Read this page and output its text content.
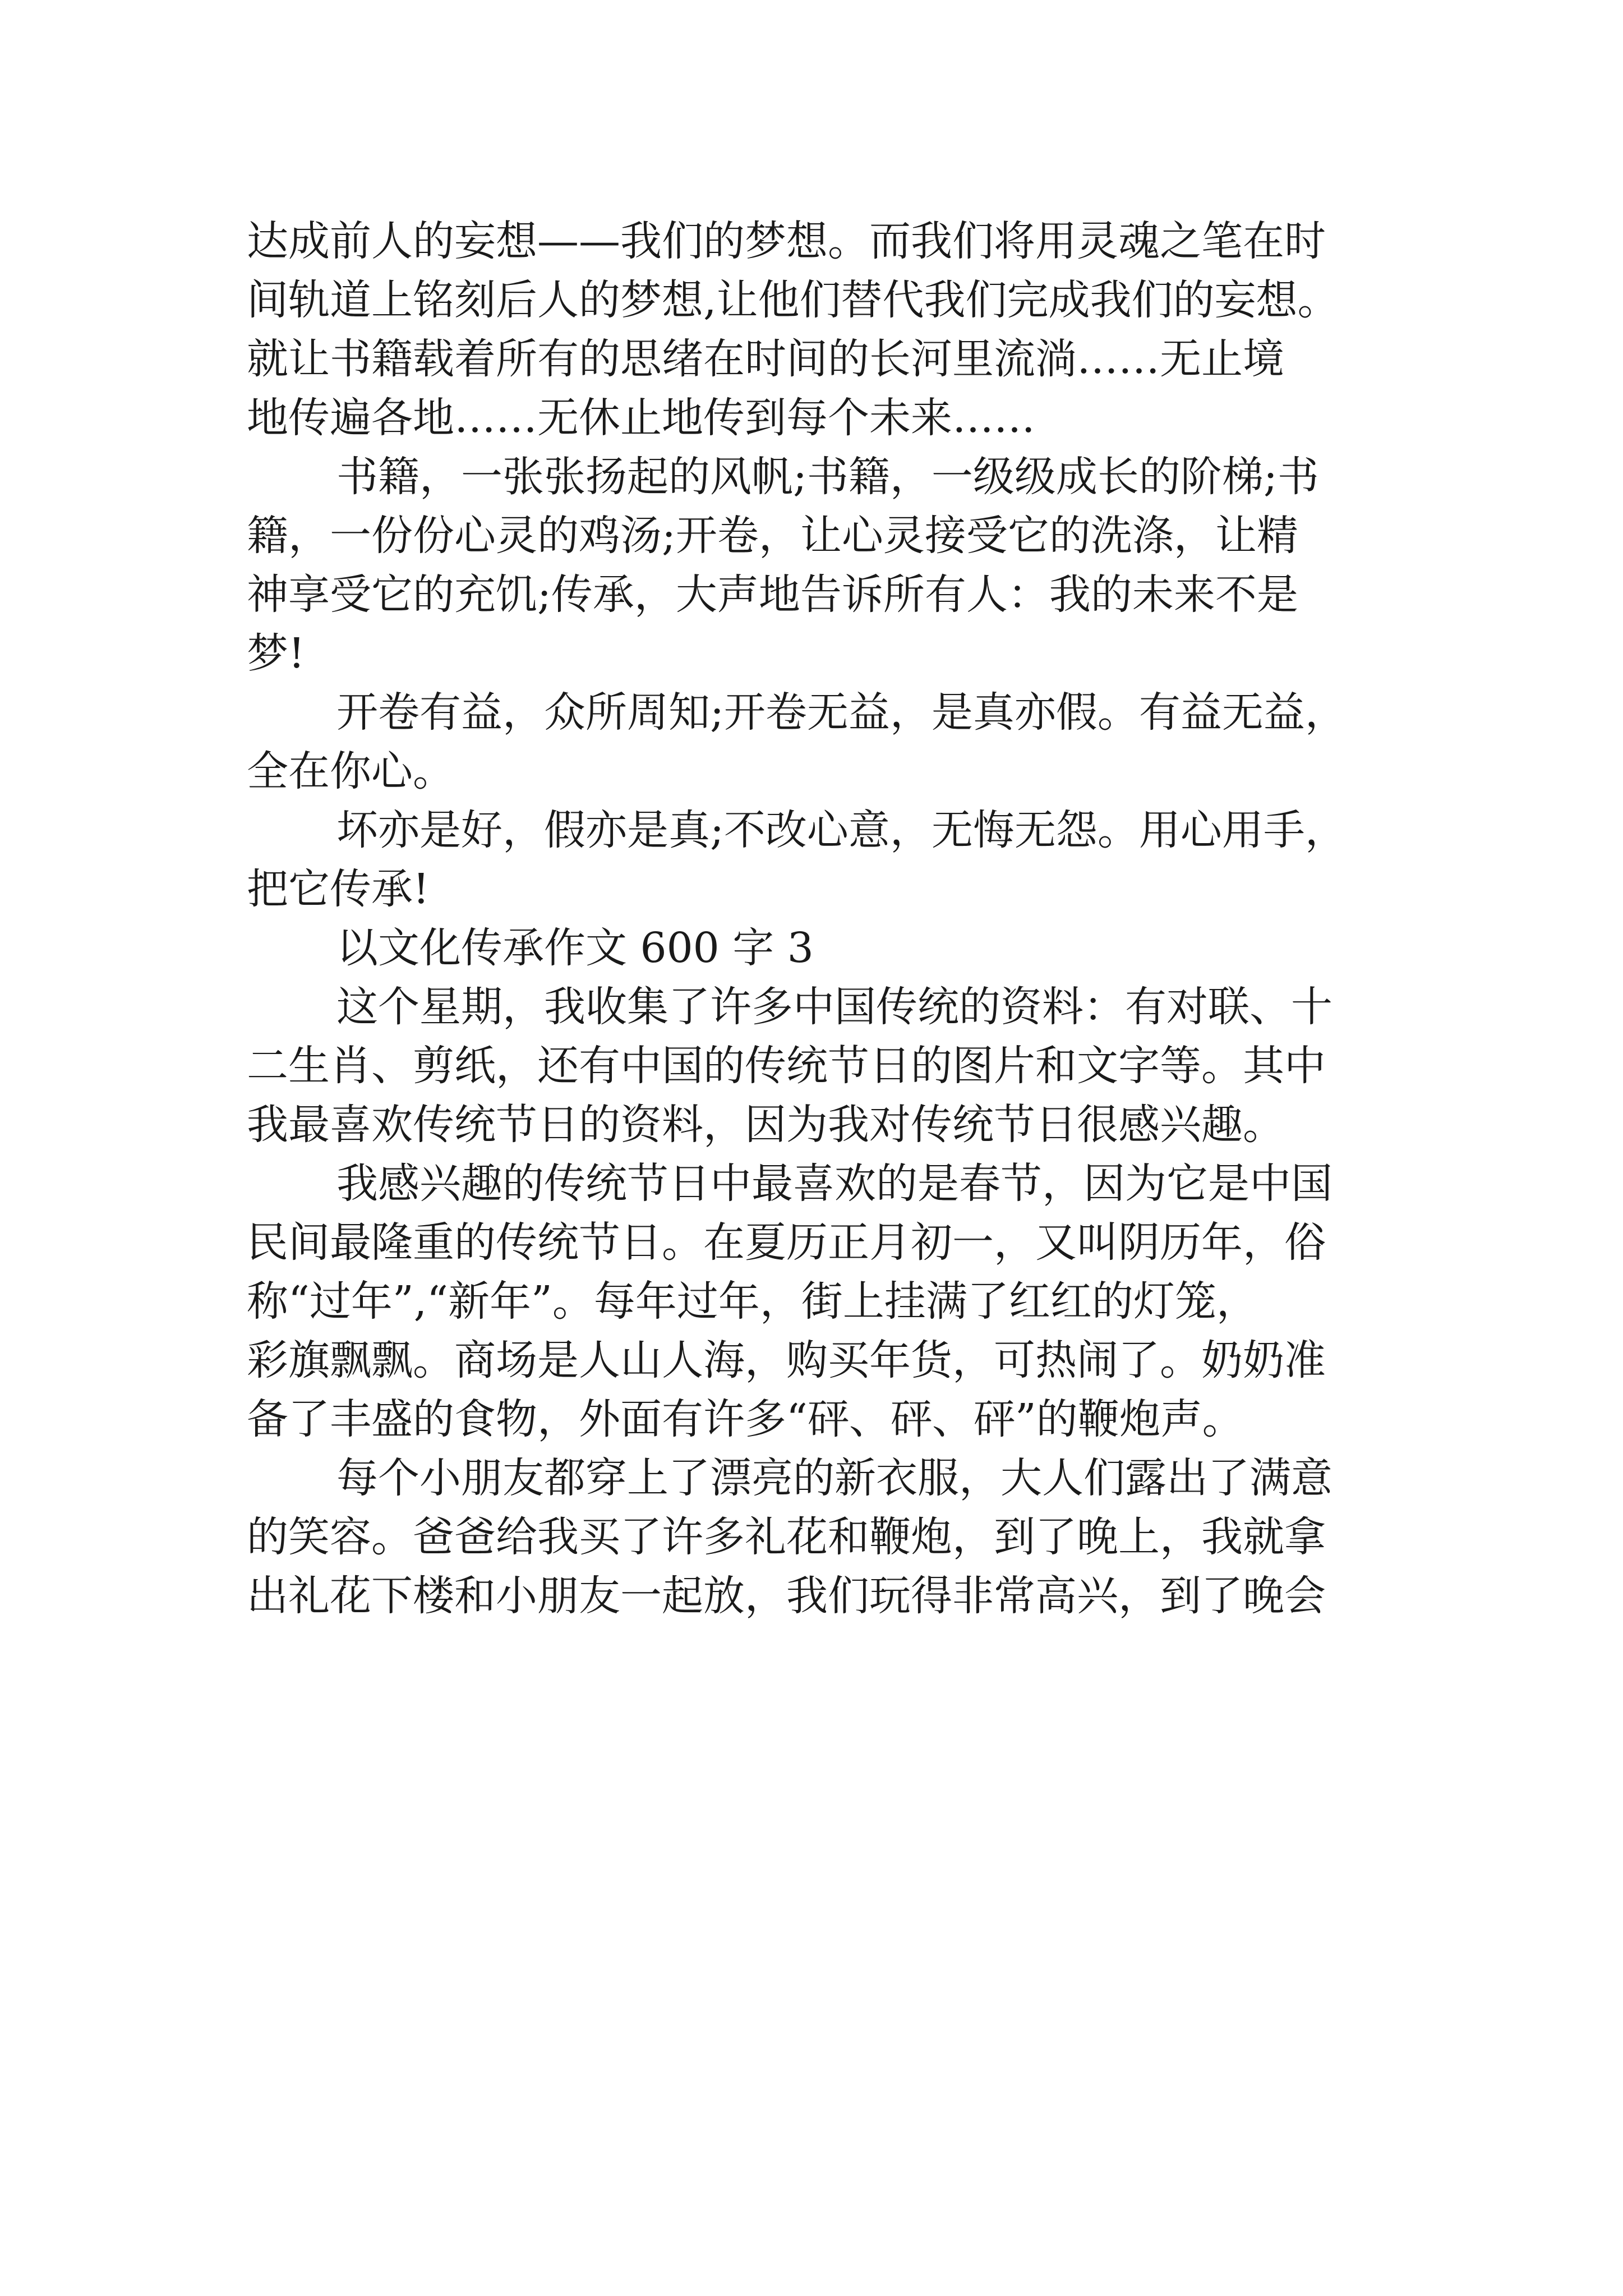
达成前人的妄想——我们的梦想。而我们将用灵魂之笔在时
间轨道上铭刻后人的梦想,让他们替代我们完成我们的妄想。
就让书籍载着所有的思绪在时间的长河里流淌……无止境
地传遍各地……无休止地传到每个未来……
书籍，一张张扬起的风帆;书籍，一级级成长的阶梯;书
籍，一份份心灵的鸡汤;开卷，让心灵接受它的洗涤，让精
神享受它的充饥;传承，大声地告诉所有人：我的未来不是
梦!
开卷有益，众所周知;开卷无益，是真亦假。有益无益，
全在你心。
坏亦是好，假亦是真;不改心意，无悔无怨。用心用手，
把它传承!
以文化传承作文 600 字 3
这个星期，我收集了许多中国传统的资料：有对联、十
二生肖、剪纸，还有中国的传统节日的图片和文字等。其中
我最喜欢传统节日的资料，因为我对传统节日很感兴趣。
我感兴趣的传统节日中最喜欢的是春节，因为它是中国
民间最隆重的传统节日。在夏历正月初一，又叫阴历年，俗
称“过年”,“新年”。每年过年，街上挂满了红红的灯笼，
彩旗飘飘。商场是人山人海，购买年货，可热闹了。奶奶准
备了丰盛的食物，外面有许多“砰、砰、砰”的鞭炮声。
每个小朋友都穿上了漂亮的新衣服，大人们露出了满意
的笑容。爸爸给我买了许多礼花和鞭炮，到了晚上，我就拿
出礼花下楼和小朋友一起放，我们玩得非常高兴，到了晚会
